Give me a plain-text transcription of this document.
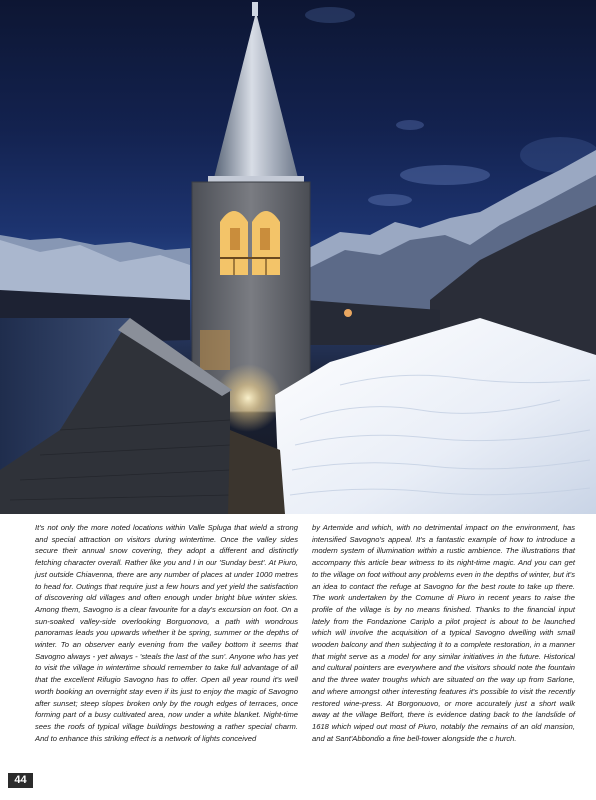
It's not only the more noted locations within Valle Spluga that wield a strong and special attraction on visitors during wintertime. Once the valley sides secure their annual snow covering, they adopt a different and distinctly fetching character overall. Rather like you and I in our 'Sunday best'. At Piuro, just outside Chiavenna, there are any number of places at under 1000 metres to head for. Outings that require just a few hours and yet yield the satisfaction of discovering old villages and often enough under bright blue winter skies. Among them, Savogno is a clear favourite for a day's excursion on foot. On a sun-soaked valley-side overlooking Borguonovo, a path with wondrous panoramas leads you upwards whether it be spring, summer or the depths of winter. To an observer early evening from the valley bottom it seems that Savogno always - yet always - 'steals the last of the sun'. Anyone who has yet to visit the village in wintertime should remember to take full advantage of all that the excellent Rifugio Savogno has to offer. Open all year round it's well worth booking an overnight stay even if its just to enjoy the magic of Savogno after sunset; steep slopes broken only by the rough edges of terraces, once forming part of a busy cultivated area, now under a white blanket. Night-time sees the roofs of typical village buildings bestowing a rather special charm. And to enhance this striking effect is a network of lights conceived
by Artemide and which, with no detrimental impact on the environment, has intensified Savogno's appeal. It's a fantastic example of how to introduce a modern system of illumination within a rustic ambience. The illustrations that accompany this article bear witness to its night-time magic. And you can get to the village on foot without any problems even in the depths of winter, but it's an idea to contact the refuge at Savogno for the best route to take up there. The work undertaken by the Comune di Piuro in recent years to raise the profile of the village is by no means finished. Thanks to the financial input lately from the Fondazione Cariplo a pilot project is about to be launched which will involve the acquisition of a typical Savogno dwelling with small wooden balcony and then subjecting it to a complete restoration, in a manner that might serve as a model for any similar initiatives in the future. Historical and cultural pointers are everywhere and the visitors should note the fountain and the three water troughs which are situated on the way up from Sarlone, and where amongst other interesting features it's possible to visit the recently restored wine-press. At Borgonuovo, or more accurately just a short walk away at the village Belfort, there is evidence dating back to the landslide of 1618 which wiped out most of Piuro, notably the remains of an old mansion, and at Sant'Abbondio a fine bell-tower alongside the c hurch.
44
